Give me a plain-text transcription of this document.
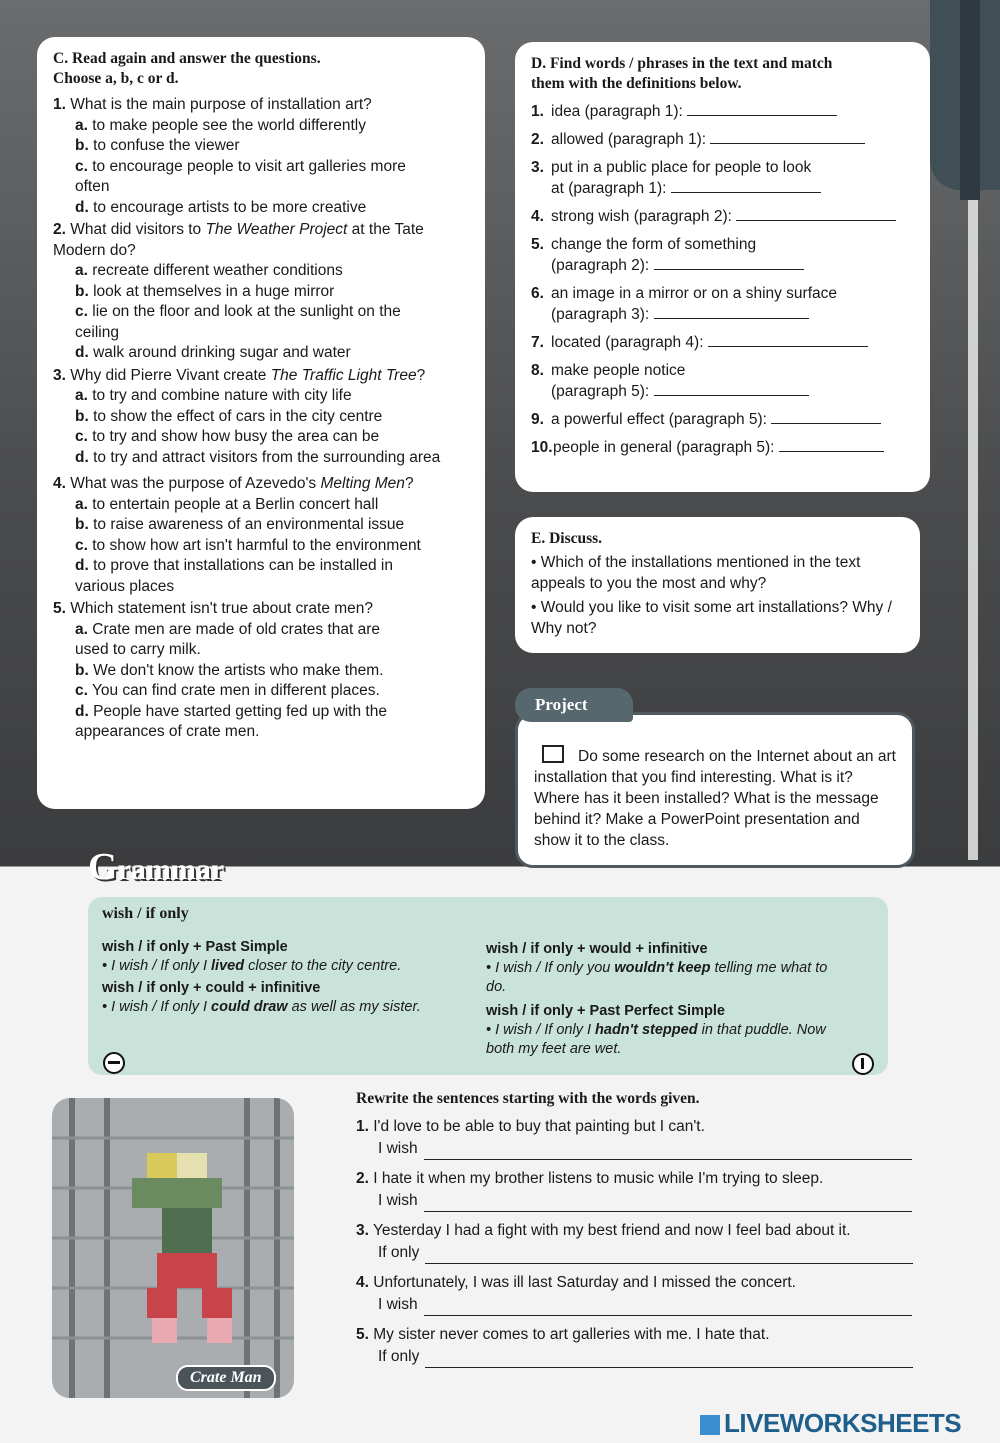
C. Read again and answer the questions.
Choose a, b, c or d.
1. What is the main purpose of installation art?
a. to make people see the world differently
b. to confuse the viewer
c. to encourage people to visit art galleries more often
d. to encourage artists to be more creative
2. What did visitors to The Weather Project at the Tate Modern do?
a. recreate different weather conditions
b. look at themselves in a huge mirror
c. lie on the floor and look at the sunlight on the ceiling
d. walk around drinking sugar and water
3. Why did Pierre Vivant create The Traffic Light Tree?
a. to try and combine nature with city life
b. to show the effect of cars in the city centre
c. to try and show how busy the area can be
d. to try and attract visitors from the surrounding area
4. What was the purpose of Azevedo's Melting Men?
a. to entertain people at a Berlin concert hall
b. to raise awareness of an environmental issue
c. to show how art isn't harmful to the environment
d. to prove that installations can be installed in various places
5. Which statement isn't true about crate men?
a. Crate men are made of old crates that are used to carry milk.
b. We don't know the artists who make them.
c. You can find crate men in different places.
d. People have started getting fed up with the appearances of crate men.
D. Find words / phrases in the text and match
them with the definitions below.
1. idea (paragraph 1):
2. allowed (paragraph 1):
3. put in a public place for people to look
at (paragraph 1):
4. strong wish (paragraph 2):
5. change the form of something
(paragraph 2):
6. an image in a mirror or on a shiny surface
(paragraph 3):
7. located (paragraph 4):
8. make people notice
(paragraph 5):
9. a powerful effect (paragraph 5):
10. people in general (paragraph 5):
E. Discuss.
• Which of the installations mentioned in the text appeals to you the most and why?
• Would you like to visit some art installations? Why / Why not?
Do some research on the Internet about an art installation that you find interesting. What is it? Where has it been installed? What is the message behind it? Make a PowerPoint presentation and show it to the class.
Project
Grammar
wish / if only
wish / if only + Past Simple
• I wish / If only I lived closer to the city centre.
wish / if only + could + infinitive
• I wish / If only I could draw as well as my sister.
wish / if only + would + infinitive
• I wish / If only you wouldn't keep telling me what to do.
wish / if only + Past Perfect Simple
• I wish / If only I hadn't stepped in that puddle. Now both my feet are wet.
Crate Man
Rewrite the sentences starting with the words given.
1. I'd love to be able to buy that painting but I can't.
I wish
2. I hate it when my brother listens to music while I'm trying to sleep.
I wish
3. Yesterday I had a fight with my best friend and now I feel bad about it.
If only
4. Unfortunately, I was ill last Saturday and I missed the concert.
I wish
5. My sister never comes to art galleries with me. I hate that.
If only
LIVEWORKSHEETS
